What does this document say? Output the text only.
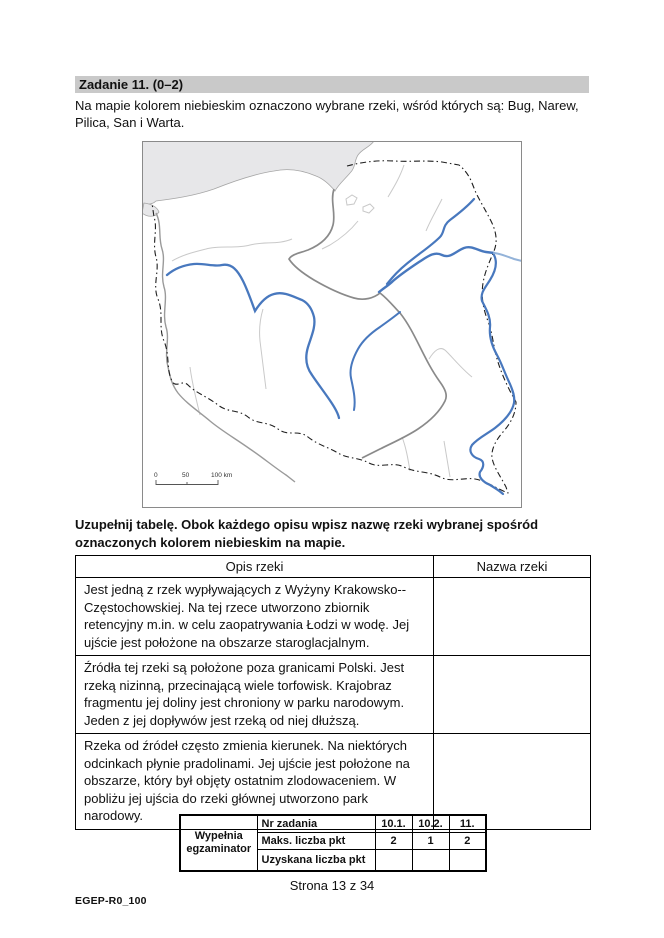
Zadanie 11. (0–2)
Na mapie kolorem niebieskim oznaczono wybrane rzeki, wśród których są: Bug, Narew, Pilica, San i Warta.
0	50	100 km
Uzupełnij tabelę. Obok każdego opisu wpisz nazwę rzeki wybranej spośród oznaczonych kolorem niebieskim na mapie.
Opis rzeki	Nazwa rzeki
Jest jedną z rzek wypływających z Wyżyny Krakowsko--Częstochowskiej. Na tej rzece utworzono zbiornik retencyjny m.in. w celu zaopatrywania Łodzi w wodę. Jej ujście jest położone na obszarze staroglacjalnym.	
Źródła tej rzeki są położone poza granicami Polski. Jest rzeką nizinną, przecinającą wiele torfowisk. Krajobraz fragmentu jej doliny jest chroniony w parku narodowym. Jeden z jej dopływów jest rzeką od niej dłuższą.	
Rzeka od źródeł często zmienia kierunek. Na niektórych odcinkach płynie pradolinami. Jej ujście jest położone na obszarze, który był objęty ostatnim zlodowaceniem. W pobliżu jej ujścia do rzeki głównej utworzono park narodowy.	
Wypełnia egzaminator	Nr zadania	10.1.	10.2.	11.
	Maks. liczba pkt	2	1	2
	Uzyskana liczba pkt			
Strona 13 z 34
EGEP-R0_100
